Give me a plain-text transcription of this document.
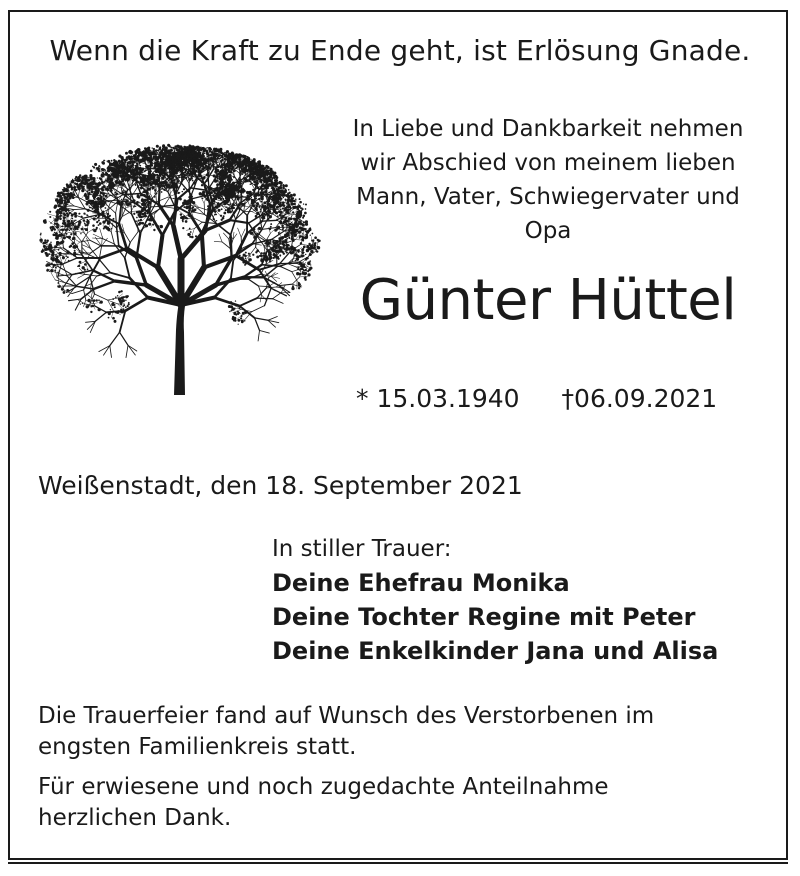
Wenn die Kraft zu Ende geht, ist Erlösung Gnade.
In Liebe und Dankbarkeit nehmen
wir Abschied von meinem lieben
Mann, Vater, Schwiegervater und
Opa
Günter Hüttel
* 15.03.1940 †06.09.2021
Weißenstadt, den 18. September 2021
In stiller Trauer:
Deine Ehefrau Monika
Deine Tochter Regine mit Peter
Deine Enkelkinder Jana und Alisa

Die Trauerfeier fand auf Wunsch des Verstorbenen im
engsten Familienkreis statt.

Für erwiesene und noch zugedachte Anteilnahme
herzlichen Dank.
